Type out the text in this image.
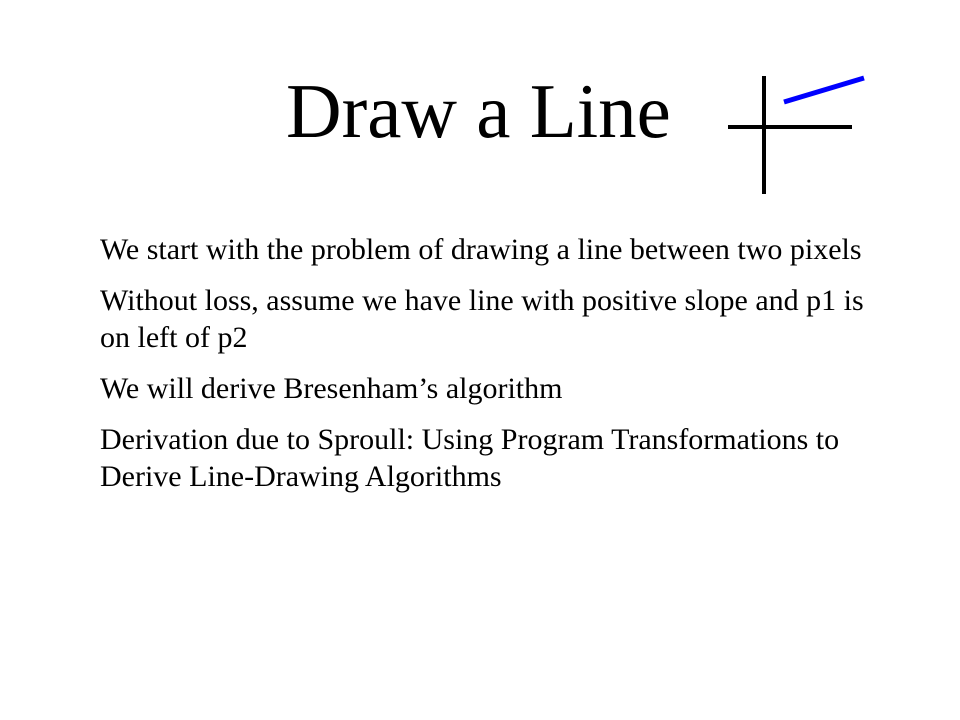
Draw a Line
We start with the problem of drawing a line between two pixels
Without loss, assume we have line with positive slope and p1 is on left of p2
We will derive Bresenham’s algorithm
Derivation due to Sproull: Using Program Transformations to Derive Line-Drawing Algorithms
